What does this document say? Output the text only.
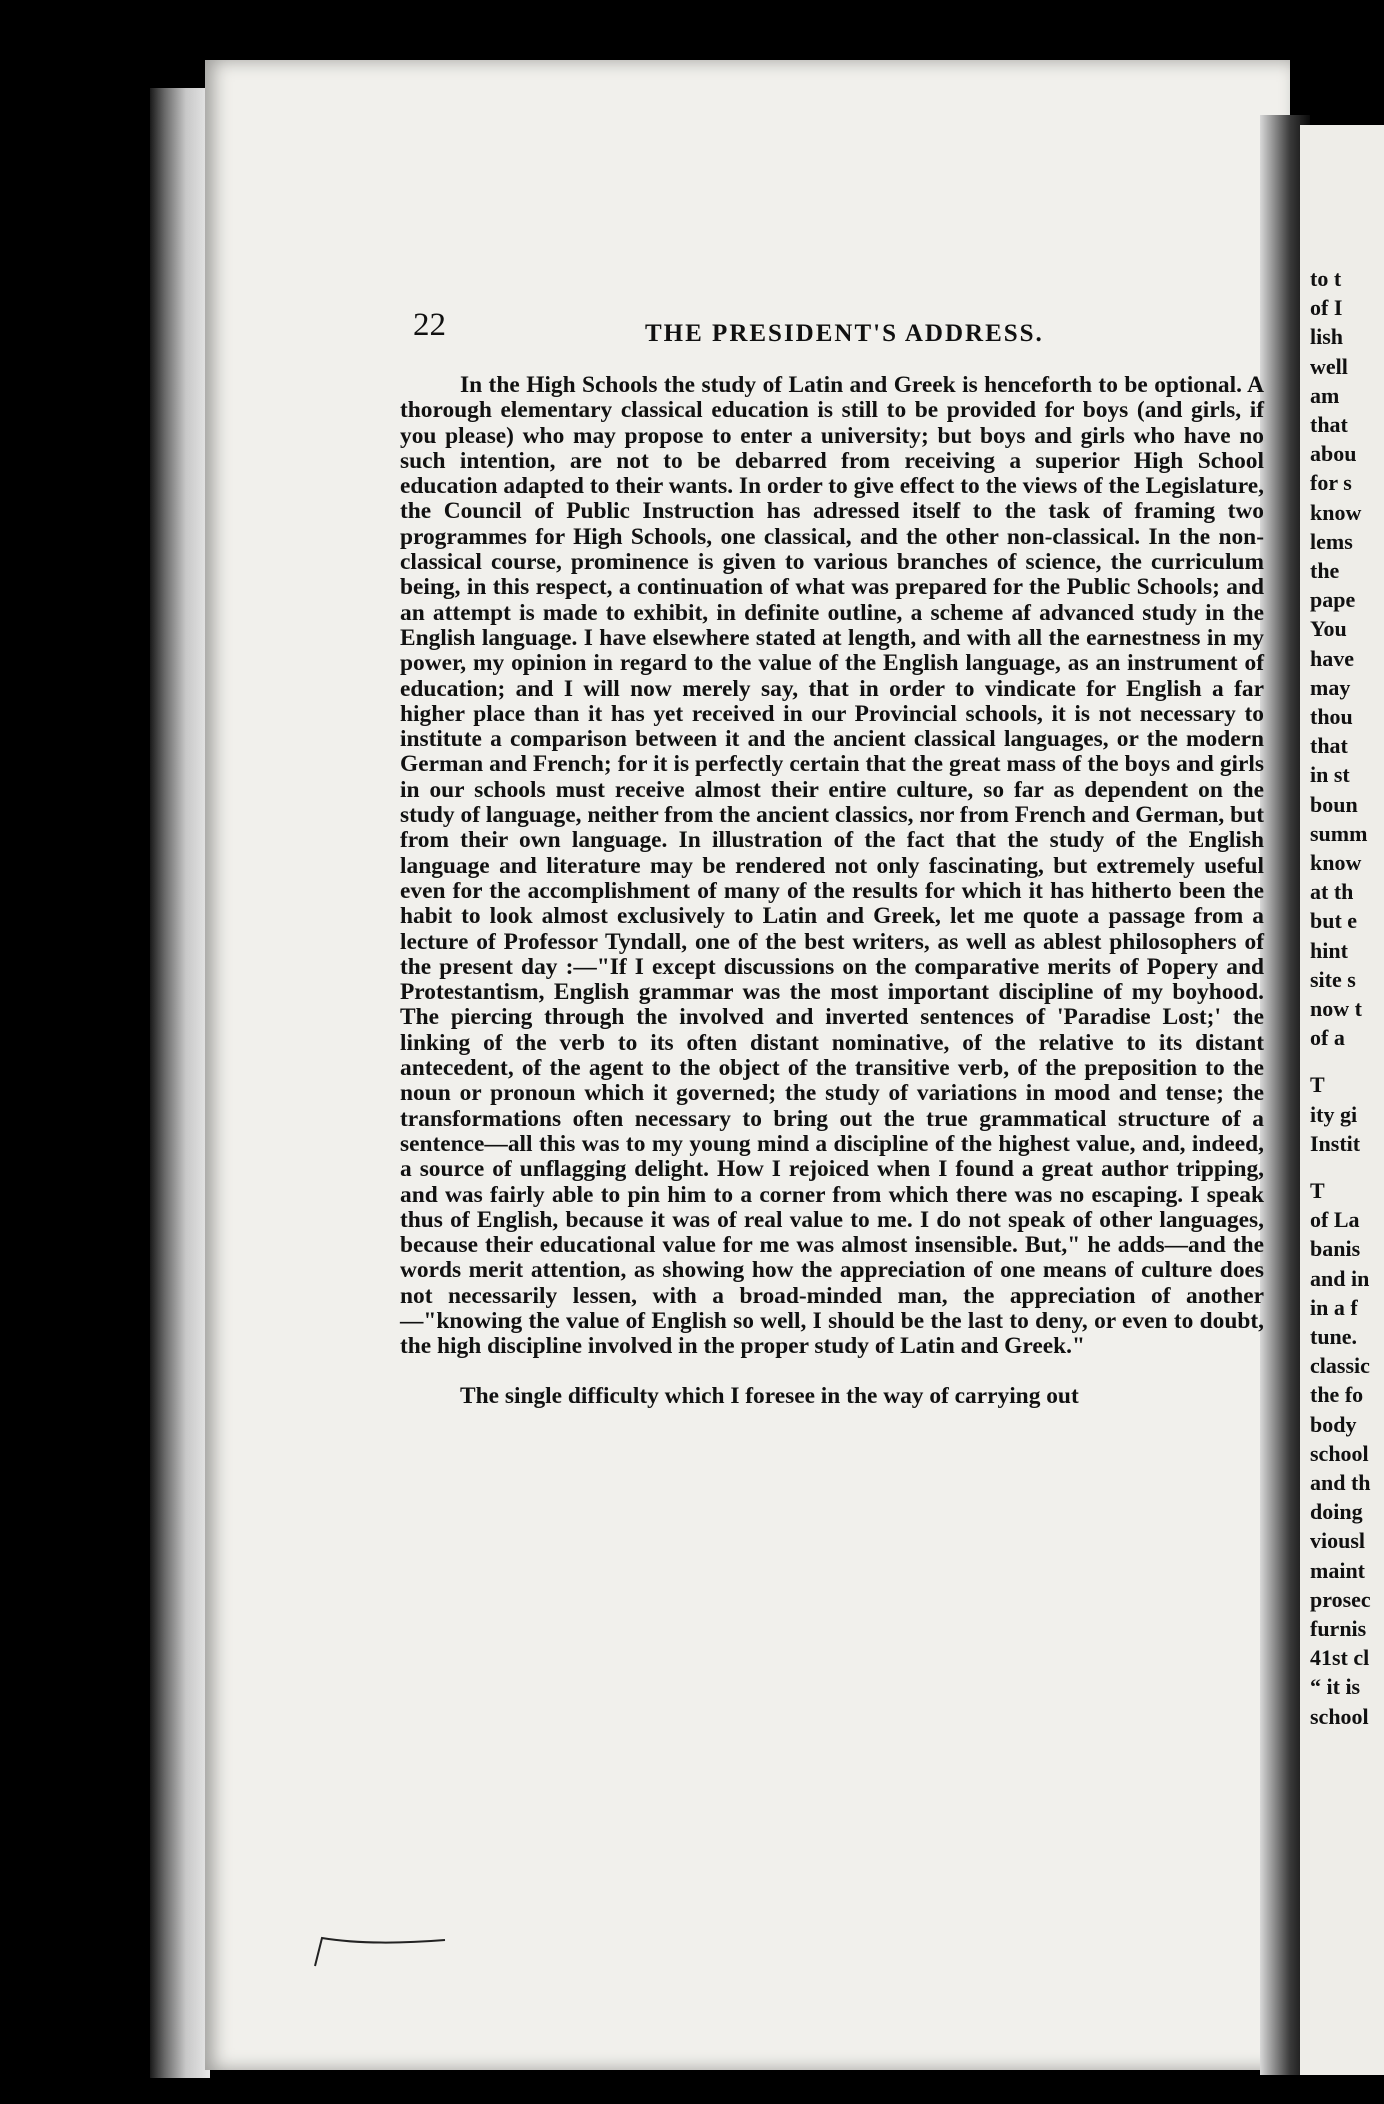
to t
of I
lish
well
am
that
abou
for s
know
lems
the
pape
You
have
may
thou
that
in st
boun
summ
know
at th
but e
hint
site s
now t
of a
T
ity gi
Instit
T
of La
banis
and in
in a f
tune.
classic
the fo
body
school
and th
doing
viousl
maint
prosec
furnis
41st cl
“ it is
school
22	THE PRESIDENT'S ADDRESS.

In the High Schools the study of Latin and Greek is henceforth to be optional. A thorough elementary classical education is still to be provided for boys (and girls, if you please) who may propose to enter a university; but boys and girls who have no such intention, are not to be debarred from receiving a superior High School education adapted to their wants. In order to give effect to the views of the Legislature, the Council of Public Instruction has adressed itself to the task of framing two programmes for High Schools, one classical, and the other non-classical. In the non-classical course, prominence is given to various branches of science, the curriculum being, in this respect, a continuation of what was prepared for the Public Schools; and an attempt is made to exhibit, in definite outline, a scheme af advanced study in the English language. I have elsewhere stated at length, and with all the earnestness in my power, my opinion in regard to the value of the English language, as an instrument of education; and I will now merely say, that in order to vindicate for English a far higher place than it has yet received in our Provincial schools, it is not necessary to institute a comparison between it and the ancient classical languages, or the modern German and French; for it is perfectly certain that the great mass of the boys and girls in our schools must receive almost their entire culture, so far as dependent on the study of language, neither from the ancient classics, nor from French and German, but from their own language. In illustration of the fact that the study of the English language and literature may be rendered not only fascinating, but extremely useful even for the accomplishment of many of the results for which it has hitherto been the habit to look almost exclusively to Latin and Greek, let me quote a passage from a lecture of Professor Tyndall, one of the best writers, as well as ablest philosophers of the present day :—"If I except discussions on the comparative merits of Popery and Protestantism, English grammar was the most important discipline of my boyhood. The piercing through the involved and inverted sentences of 'Paradise Lost;' the linking of the verb to its often distant nominative, of the relative to its distant antecedent, of the agent to the object of the transitive verb, of the preposition to the noun or pronoun which it governed; the study of variations in mood and tense; the transformations often necessary to bring out the true grammatical structure of a sentence—all this was to my young mind a discipline of the highest value, and, indeed, a source of unflagging delight. How I rejoiced when I found a great author tripping, and was fairly able to pin him to a corner from which there was no escaping. I speak thus of English, because it was of real value to me. I do not speak of other languages, because their educational value for me was almost insensible. But," he adds—and the words merit attention, as showing how the appreciation of one means of culture does not necessarily lessen, with a broad-minded man, the appreciation of another—"knowing the value of English so well, I should be the last to deny, or even to doubt, the high discipline involved in the proper study of Latin and Greek."

The single difficulty which I foresee in the way of carrying out
